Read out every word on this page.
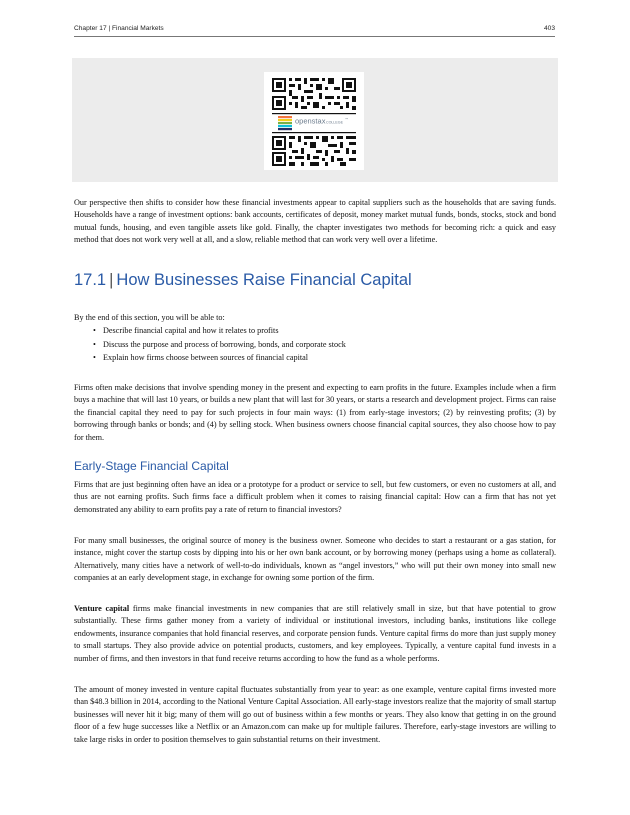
Chapter 17 | Financial Markets	403
openstax COLLEGE
™

Our perspective then shifts to consider how these financial investments appear to capital suppliers such as the households that are saving funds. Households have a range of investment options: bank accounts, certificates of deposit, money market mutual funds, bonds, stocks, stock and bond mutual funds, housing, and even tangible assets like gold. Finally, the chapter investigates two methods for becoming rich: a quick and easy method that does not work very well at all, and a slow, reliable method that can work very well over a lifetime.

17.1 | How Businesses Raise Financial Capital

By the end of this section, you will be able to:

• Describe financial capital and how it relates to profits
• Discuss the purpose and process of borrowing, bonds, and corporate stock
• Explain how firms choose between sources of financial capital

Firms often make decisions that involve spending money in the present and expecting to earn profits in the future. Examples include when a firm buys a machine that will last 10 years, or builds a new plant that will last for 30 years, or starts a research and development project. Firms can raise the financial capital they need to pay for such projects in four main ways: (1) from early-stage investors; (2) by reinvesting profits; (3) by borrowing through banks or bonds; and (4) by selling stock. When business owners choose financial capital sources, they also choose how to pay for them.

Early-Stage Financial Capital

Firms that are just beginning often have an idea or a prototype for a product or service to sell, but few customers, or even no customers at all, and thus are not earning profits. Such firms face a difficult problem when it comes to raising financial capital: How can a firm that has not yet demonstrated any ability to earn profits pay a rate of return to financial investors?

For many small businesses, the original source of money is the business owner. Someone who decides to start a restaurant or a gas station, for instance, might cover the startup costs by dipping into his or her own bank account, or by borrowing money (perhaps using a home as collateral). Alternatively, many cities have a network of well-to-do individuals, known as “angel investors,” who will put their own money into small new companies at an early development stage, in exchange for owning some portion of the firm.

Venture capital firms make financial investments in new companies that are still relatively small in size, but that have potential to grow substantially. These firms gather money from a variety of individual or institutional investors, including banks, institutions like college endowments, insurance companies that hold financial reserves, and corporate pension funds. Venture capital firms do more than just supply money to small startups. They also provide advice on potential products, customers, and key employees. Typically, a venture capital fund invests in a number of firms, and then investors in that fund receive returns according to how the fund as a whole performs.

The amount of money invested in venture capital fluctuates substantially from year to year: as one example, venture capital firms invested more than $48.3 billion in 2014, according to the National Venture Capital Association. All early-stage investors realize that the majority of small startup businesses will never hit it big; many of them will go out of business within a few months or years. They also know that getting in on the ground floor of a few huge successes like a Netflix or an Amazon.com can make up for multiple failures. Therefore, early-stage investors are willing to take large risks in order to position themselves to gain substantial returns on their investment.
